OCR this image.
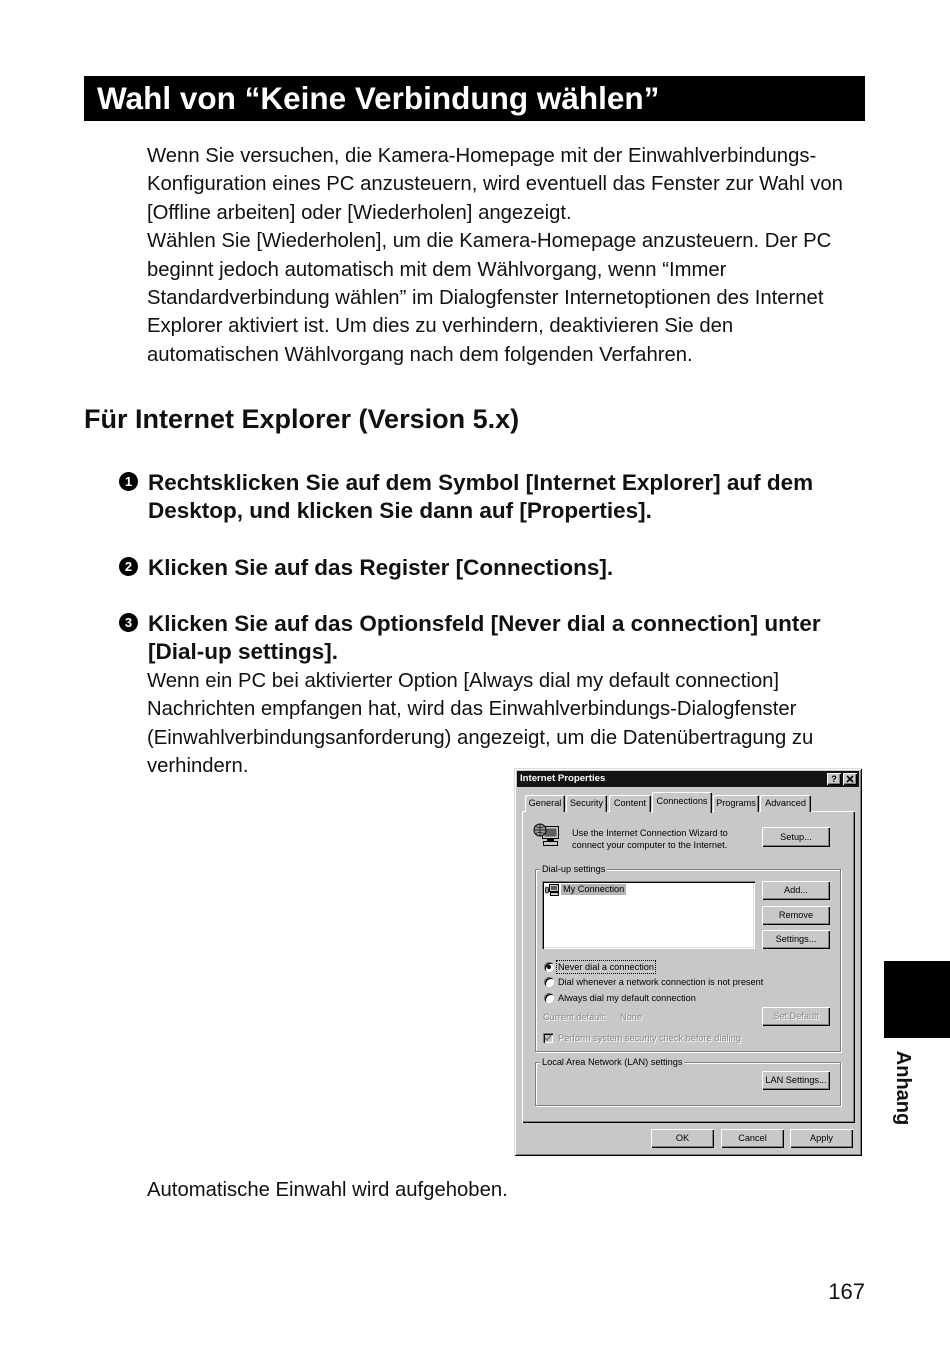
Wahl von “Keine Verbindung wählen”
Wenn Sie versuchen, die Kamera-Homepage mit der Einwahlverbindungs-
Konfiguration eines PC anzusteuern, wird eventuell das Fenster zur Wahl von
[Offline arbeiten] oder [Wiederholen] angezeigt.
Wählen Sie [Wiederholen], um die Kamera-Homepage anzusteuern. Der PC
beginnt jedoch automatisch mit dem Wählvorgang, wenn “Immer
Standardverbindung wählen” im Dialogfenster Internetoptionen des Internet
Explorer aktiviert ist. Um dies zu verhindern, deaktivieren Sie den
automatischen Wählvorgang nach dem folgenden Verfahren.
Für Internet Explorer (Version 5.x)
1 Rechtsklicken Sie auf dem Symbol [Internet Explorer] auf dem
Desktop, und klicken Sie dann auf [Properties].
2 Klicken Sie auf das Register [Connections].
3 Klicken Sie auf das Optionsfeld [Never dial a connection] unter
[Dial-up settings].
Wenn ein PC bei aktivierter Option [Always dial my default connection]
Nachrichten empfangen hat, wird das Einwahlverbindungs-Dialogfenster
(Einwahlverbindungsanforderung) angezeigt, um die Datenübertragung zu
verhindern.
Internet Properties	?
General Security	Content	Connections Programs Advanced
Use the Internet Connection Wizard to
connect your computer to the Internet.
Setup...
Dial-up settings
My Connection	Add...
Remove
Settings...
Never dial a connection
Dial whenever a network connection is not present
Always dial my default connection
Current default: None	Set Default
Perform system security check before dialing
Local Area Network (LAN) settings
LAN Settings...
OK	Cancel	Apply
Automatische Einwahl wird aufgehoben.
Anhang
167
